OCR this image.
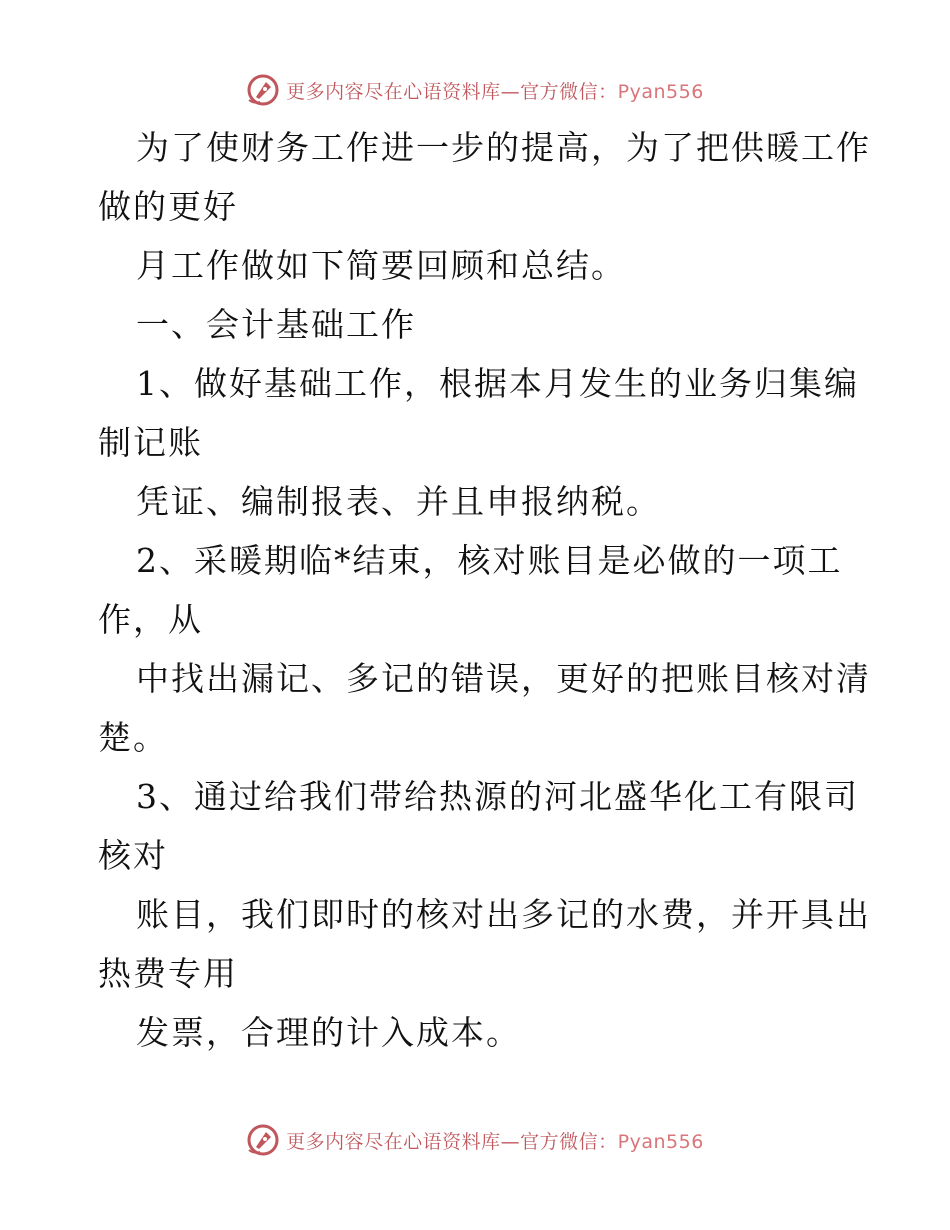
更多内容尽在心语资料库—官方微信：Pyan556
为了使财务工作进一步的提高，为了把供暖工作
做的更好
月工作做如下简要回顾和总结。
一、会计基础工作
1、做好基础工作，根据本月发生的业务归集编
制记账
凭证、编制报表、并且申报纳税。
2、采暖期临*结束，核对账目是必做的一项工
作，从
中找出漏记、多记的错误，更好的把账目核对清
楚。
3、通过给我们带给热源的河北盛华化工有限司
核对
账目，我们即时的核对出多记的水费，并开具出
热费专用
发票，合理的计入成本。
更多内容尽在心语资料库—官方微信：Pyan556
